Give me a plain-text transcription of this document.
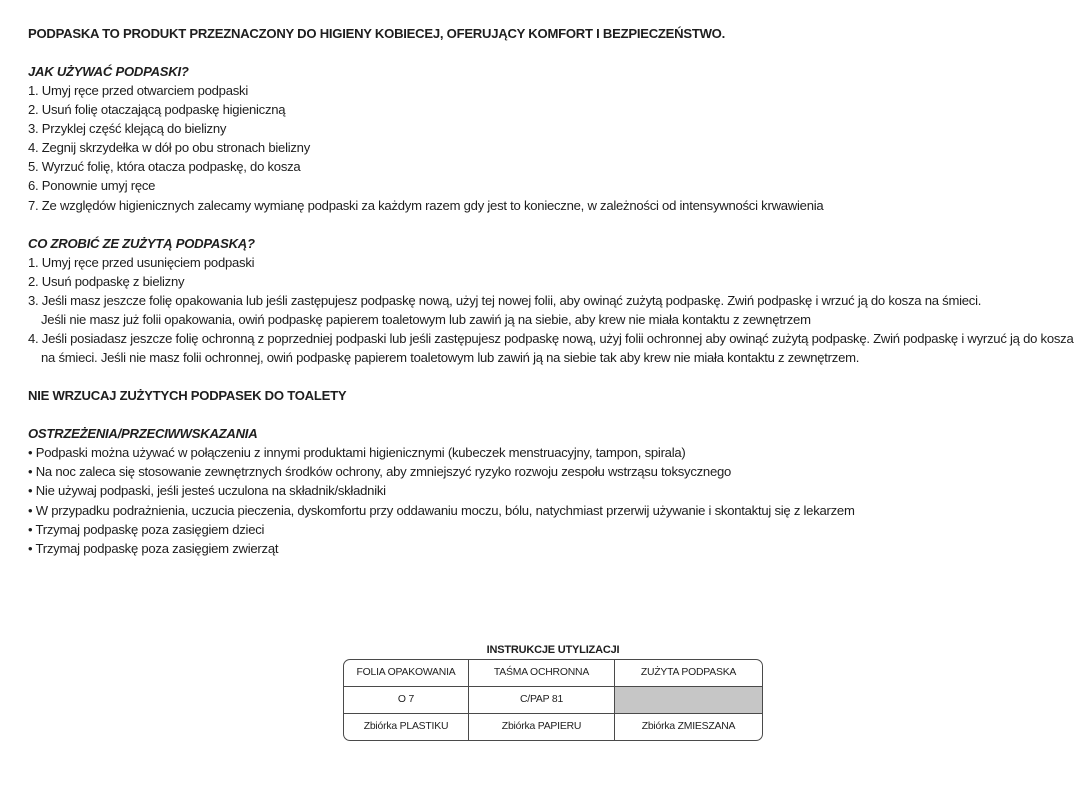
PODPASKA TO PRODUKT PRZEZNACZONY DO HIGIENY KOBIECEJ, OFERUJĄCY KOMFORT I BEZPIECZEŃSTWO.

JAK UŻYWAĆ PODPASKI?

1. Umyj ręce przed otwarciem podpaski
2. Usuń folię otaczającą podpaskę higieniczną
3. Przyklej część klejącą do bielizny
4. Zegnij skrzydełka w dół po obu stronach bielizny
5. Wyrzuć folię, która otacza podpaskę, do kosza
6. Ponownie umyj ręce
7. Ze względów higienicznych zalecamy wymianę podpaski za każdym razem gdy jest to konieczne, w zależności od intensywności krwawienia

CO ZROBIĆ ZE ZUŻYTĄ PODPASKĄ?

1. Umyj ręce przed usunięciem podpaski
2. Usuń podpaskę z bielizny
3. Jeśli masz jeszcze folię opakowania lub jeśli zastępujesz podpaskę nową, użyj tej nowej folii, aby owinąć zużytą podpaskę. Zwiń podpaskę i wrzuć ją do kosza na śmieci.
Jeśli nie masz już folii opakowania, owiń podpaskę papierem toaletowym lub zawiń ją na siebie, aby krew nie miała kontaktu z zewnętrzem
4. Jeśli posiadasz jeszcze folię ochronną z poprzedniej podpaski lub jeśli zastępujesz podpaskę nową, użyj folii ochronnej aby owinąć zużytą podpaskę. Zwiń podpaskę i wyrzuć ją do kosza na śmieci. Jeśli nie masz folii ochronnej, owiń podpaskę papierem toaletowym lub zawiń ją na siebie tak aby krew nie miała kontaktu z zewnętrzem.

NIE WRZUCAJ ZUŻYTYCH PODPASEK DO TOALETY

OSTRZEŻENIA/PRZECIWWSKAZANIA

• Podpaski można używać w połączeniu z innymi produktami higienicznymi (kubeczek menstruacyjny, tampon, spirala)
• Na noc zaleca się stosowanie zewnętrznych środków ochrony, aby zmniejszyć ryzyko rozwoju zespołu wstrząsu toksycznego
• Nie używaj podpaski, jeśli jesteś uczulona na składnik/składniki
• W przypadku podrażnienia, uczucia pieczenia, dyskomfortu przy oddawaniu moczu, bólu, natychmiast przerwij używanie i skontaktuj się z lekarzem
• Trzymaj podpaskę poza zasięgiem dzieci
• Trzymaj podpaskę poza zasięgiem zwierząt
INSTRUKCJE UTYLIZACJI
FOLIA OPAKOWANIA	TAŚMA OCHRONNA	ZUŻYTA PODPASKA
O 7	C/PAP 81
Zbiórka PLASTIKU	Zbiórka PAPIERU	Zbiórka ZMIESZANA
